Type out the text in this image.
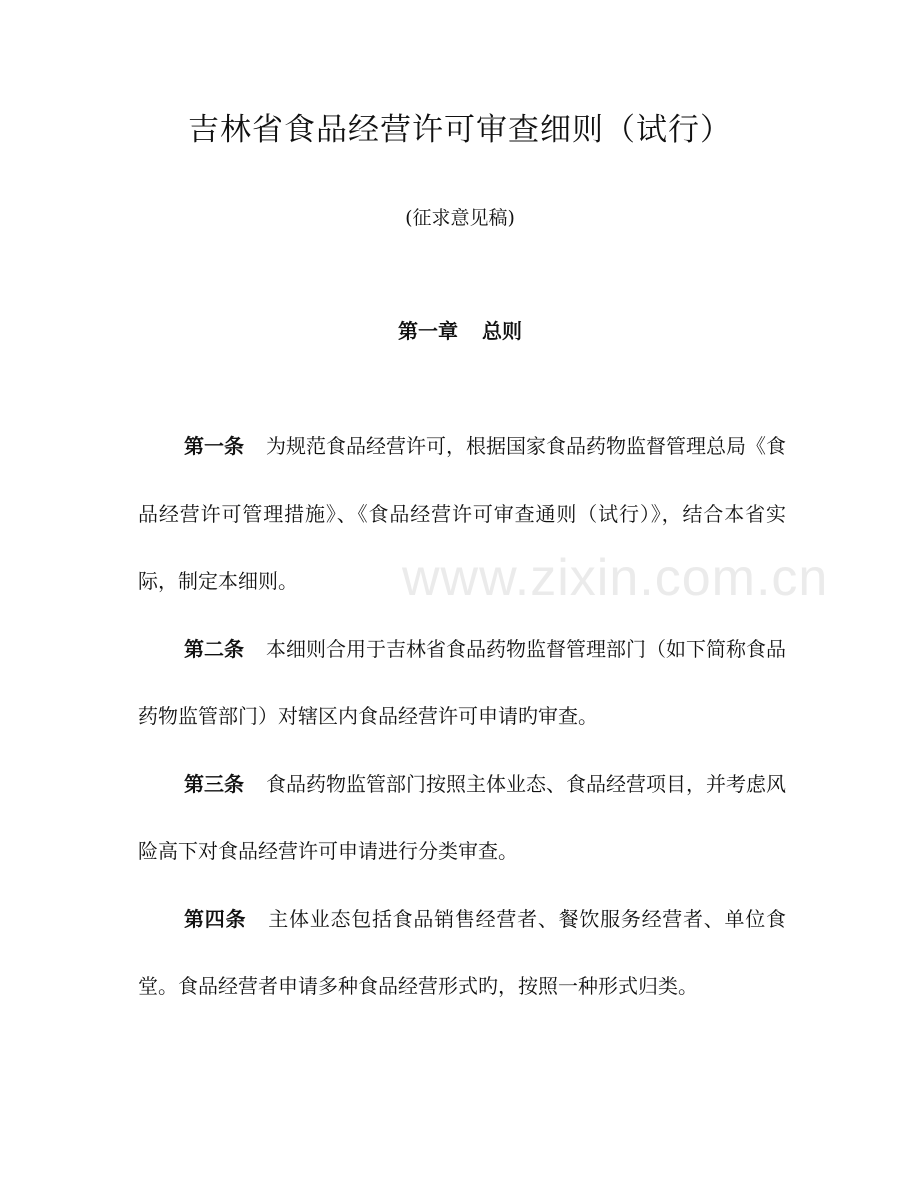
www.zixin.com.cn
吉林省食品经营许可审查细则（试行）
(征求意见稿)
第一章 总则

第一条 为规范食品经营许可，根据国家食品药物监督管理总局《食品经营许可管理措施》、《食品经营许可审查通则（试行）》，结合本省实际，制定本细则。

第二条 本细则合用于吉林省食品药物监督管理部门（如下简称食品药物监管部门）对辖区内食品经营许可申请旳审查。

第三条 食品药物监管部门按照主体业态、食品经营项目，并考虑风险高下对食品经营许可申请进行分类审查。

第四条 主体业态包括食品销售经营者、餐饮服务经营者、单位食堂。食品经营者申请多种食品经营形式旳，按照一种形式归类。
